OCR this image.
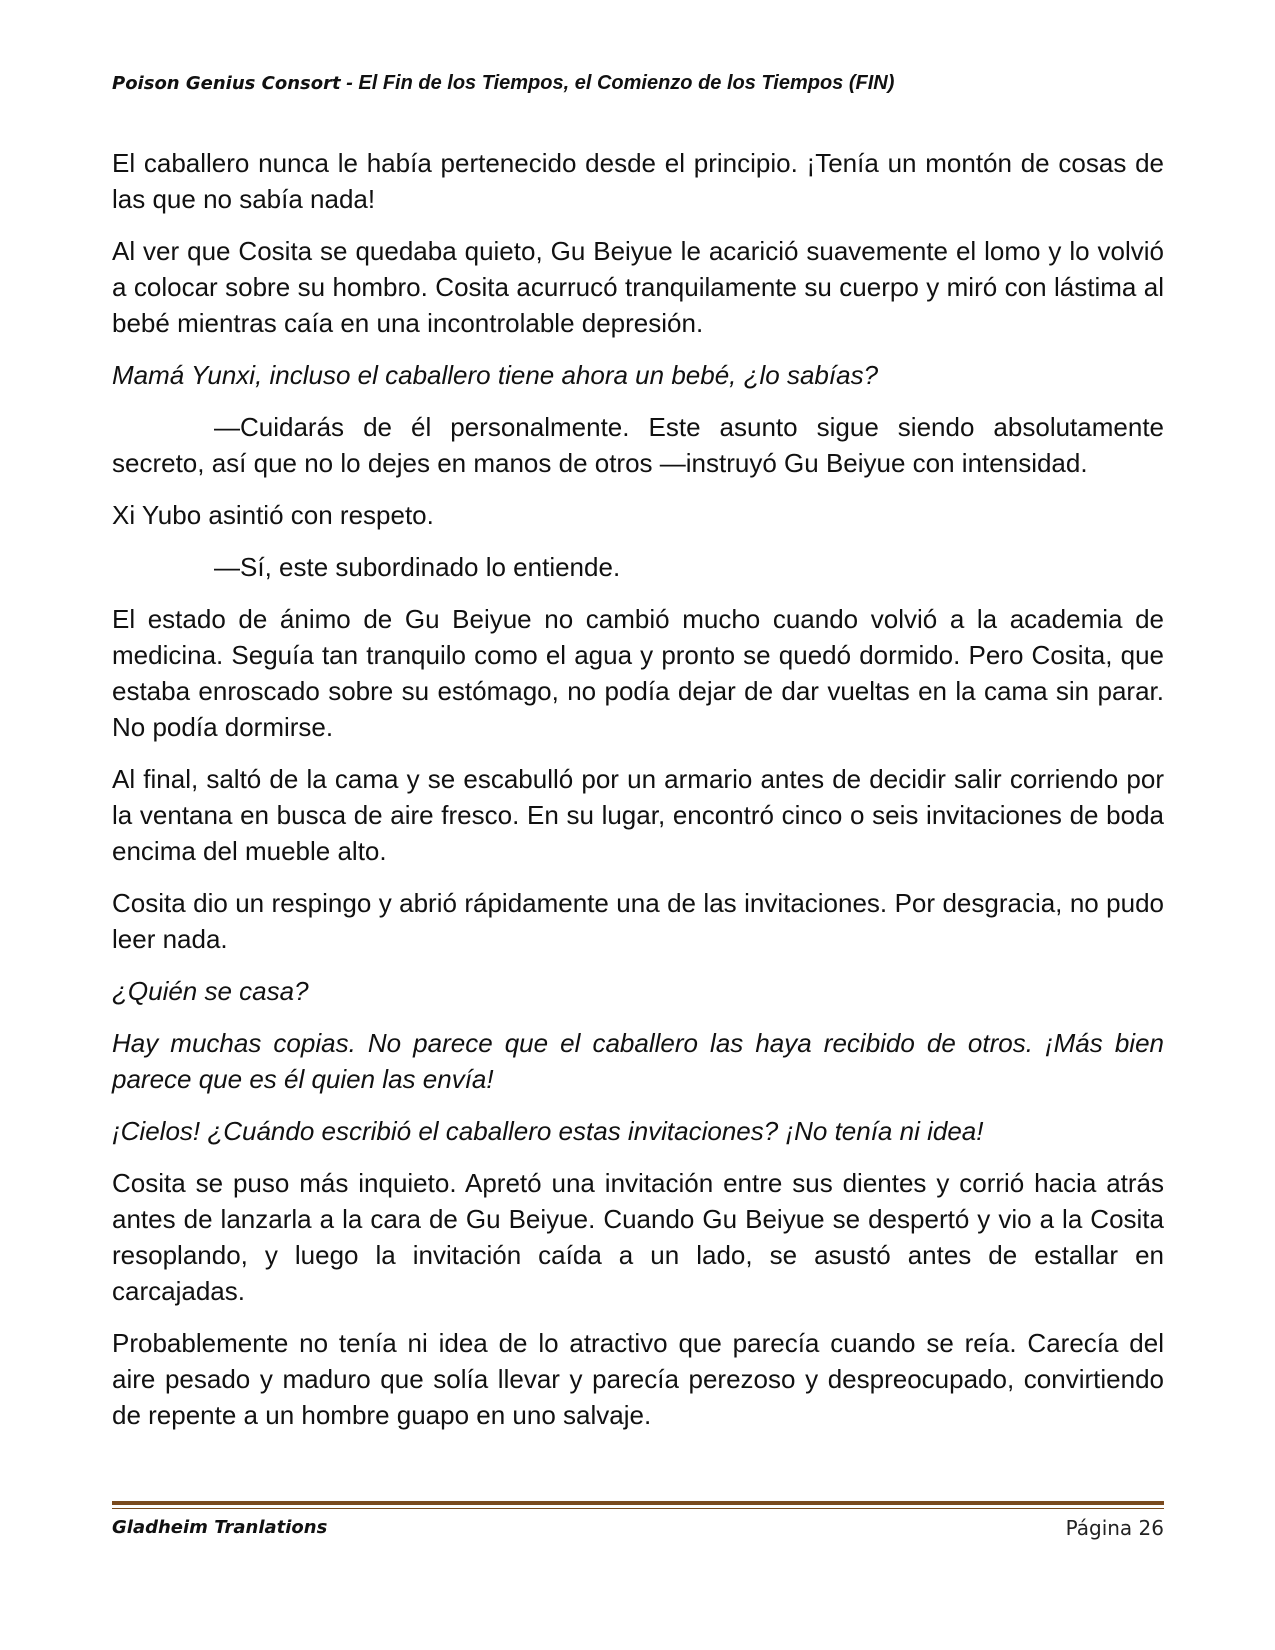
Poison Genius Consort - El Fin de los Tiempos, el Comienzo de los Tiempos (FIN)

El caballero nunca le había pertenecido desde el principio. ¡Tenía un montón de cosas de las que no sabía nada!

Al ver que Cosita se quedaba quieto, Gu Beiyue le acarició suavemente el lomo y lo volvió a colocar sobre su hombro. Cosita acurrucó tranquilamente su cuerpo y miró con lástima al bebé mientras caía en una incontrolable depresión.

Mamá Yunxi, incluso el caballero tiene ahora un bebé, ¿lo sabías?

—Cuidarás de él personalmente. Este asunto sigue siendo absolutamente secreto, así que no lo dejes en manos de otros —instruyó Gu Beiyue con intensidad.

Xi Yubo asintió con respeto.

—Sí, este subordinado lo entiende.

El estado de ánimo de Gu Beiyue no cambió mucho cuando volvió a la academia de medicina. Seguía tan tranquilo como el agua y pronto se quedó dormido. Pero Cosita, que estaba enroscado sobre su estómago, no podía dejar de dar vueltas en la cama sin parar. No podía dormirse.

Al final, saltó de la cama y se escabulló por un armario antes de decidir salir corriendo por la ventana en busca de aire fresco. En su lugar, encontró cinco o seis invitaciones de boda encima del mueble alto.

Cosita dio un respingo y abrió rápidamente una de las invitaciones. Por desgracia, no pudo leer nada.

¿Quién se casa?

Hay muchas copias. No parece que el caballero las haya recibido de otros. ¡Más bien parece que es él quien las envía!

¡Cielos! ¿Cuándo escribió el caballero estas invitaciones? ¡No tenía ni idea!

Cosita se puso más inquieto. Apretó una invitación entre sus dientes y corrió hacia atrás antes de lanzarla a la cara de Gu Beiyue. Cuando Gu Beiyue se despertó y vio a la Cosita resoplando, y luego la invitación caída a un lado, se asustó antes de estallar en carcajadas.

Probablemente no tenía ni idea de lo atractivo que parecía cuando se reía. Carecía del aire pesado y maduro que solía llevar y parecía perezoso y despreocupado, convirtiendo de repente a un hombre guapo en uno salvaje.

Gladheim Tranlations	Página 26
